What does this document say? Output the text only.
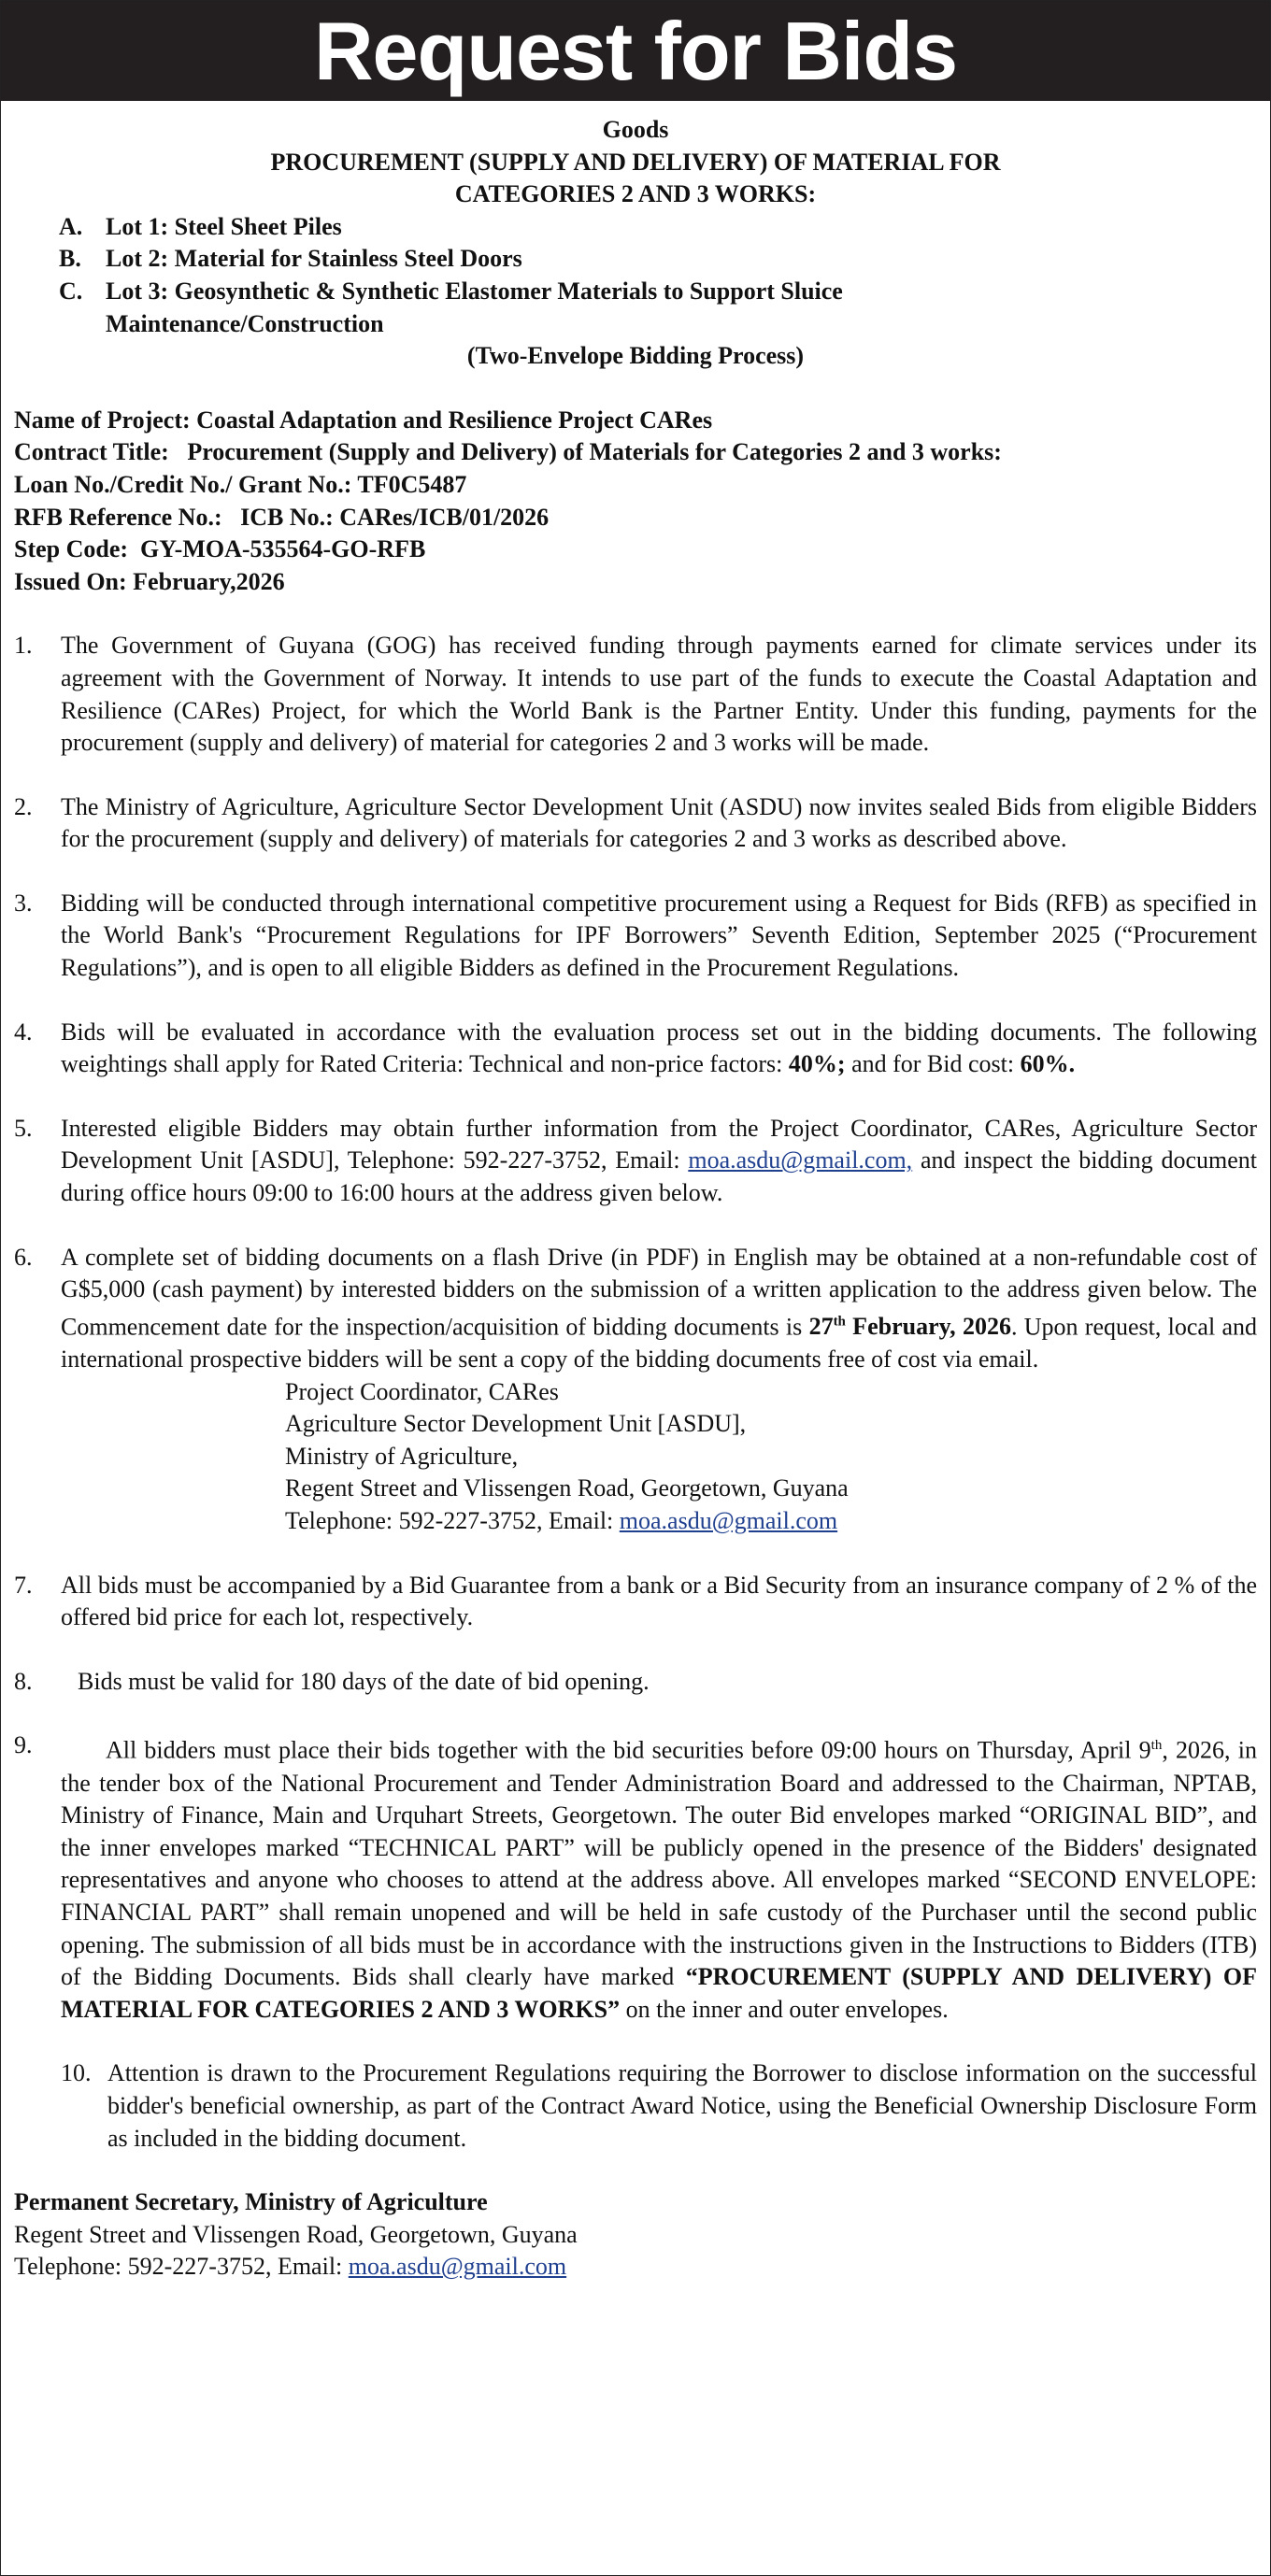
Request for Bids
Goods
PROCUREMENT (SUPPLY AND DELIVERY) OF MATERIAL FOR
CATEGORIES 2 AND 3 WORKS:
A. Lot 1: Steel Sheet Piles
B.	Lot 2: Material for Stainless Steel Doors
C. Lot 3: Geosynthetic & Synthetic Elastomer Materials to Support Sluice Maintenance/Construction
(Two-Envelope Bidding Process)
Name of Project: Coastal Adaptation and Resilience Project CARes
Contract Title:   Procurement (Supply and Delivery) of Materials for Categories 2 and 3 works:
Loan No./Credit No./ Grant No.: TF0C5487
RFB Reference No.:   ICB No.: CARes/ICB/01/2026
Step Code:  GY-MOA-535564-GO-RFB
Issued On: February,2026
1.	The Government of Guyana (GOG) has received funding through payments earned for climate services under its agreement with the Government of Norway. It intends to use part of the funds to execute the Coastal Adaptation and Resilience (CARes) Project, for which the World Bank is the Partner Entity. Under this funding, payments for the procurement (supply and delivery) of material for categories 2 and 3 works will be made.
2.	The Ministry of Agriculture, Agriculture Sector Development Unit (ASDU) now invites sealed Bids from eligible Bidders for the procurement (supply and delivery) of materials for categories 2 and 3 works as described above.
3.	Bidding will be conducted through international competitive procurement using a Request for Bids (RFB) as specified in the World Bank's “Procurement Regulations for IPF Borrowers” Seventh Edition, September 2025 (“Procurement Regulations”), and is open to all eligible Bidders as defined in the Procurement Regulations.
4.	Bids will be evaluated in accordance with the evaluation process set out in the bidding documents. The following weightings shall apply for Rated Criteria: Technical and non-price factors: 40%; and for Bid cost: 60%.
5.	Interested eligible Bidders may obtain further information from the Project Coordinator, CARes, Agriculture Sector Development Unit [ASDU], Telephone: 592-227-3752, Email: moa.asdu@gmail.com, and inspect the bidding document during office hours 09:00 to 16:00 hours at the address given below.
6.	A complete set of bidding documents on a flash Drive (in PDF) in English may be obtained at a non-refundable cost of G$5,000 (cash payment) by interested bidders on the submission of a written application to the address given below. The Commencement date for the inspection/acquisition of bidding documents is 27th February, 2026. Upon request, local and international prospective bidders will be sent a copy of the bidding documents free of cost via email.
Project Coordinator, CARes
Agriculture Sector Development Unit [ASDU],
Ministry of Agriculture,
Regent Street and Vlissengen Road, Georgetown, Guyana
Telephone: 592-227-3752, Email: moa.asdu@gmail.com
7.	All bids must be accompanied by a Bid Guarantee from a bank or a Bid Security from an insurance company of 2 % of the offered bid price for each lot, respectively.
8.	Bids must be valid for 180 days of the date of bid opening.
9.	All bidders must place their bids together with the bid securities before 09:00 hours on Thursday, April 9th, 2026, in the tender box of the National Procurement and Tender Administration Board and addressed to the Chairman, NPTAB, Ministry of Finance, Main and Urquhart Streets, Georgetown. The outer Bid envelopes marked “ORIGINAL BID”, and the inner envelopes marked “TECHNICAL PART” will be publicly opened in the presence of the Bidders' designated representatives and anyone who chooses to attend at the address above. All envelopes marked “SECOND ENVELOPE: FINANCIAL PART” shall remain unopened and will be held in safe custody of the Purchaser until the second public opening. The submission of all bids must be in accordance with the instructions given in the Instructions to Bidders (ITB) of the Bidding Documents. Bids shall clearly have marked “PROCUREMENT (SUPPLY AND DELIVERY) OF MATERIAL FOR CATEGORIES 2 AND 3 WORKS” on the inner and outer envelopes.
10. Attention is drawn to the Procurement Regulations requiring the Borrower to disclose information on the successful bidder's beneficial ownership, as part of the Contract Award Notice, using the Beneficial Ownership Disclosure Form as included in the bidding document.
Permanent Secretary, Ministry of Agriculture
Regent Street and Vlissengen Road, Georgetown, Guyana
Telephone: 592-227-3752, Email: moa.asdu@gmail.com
